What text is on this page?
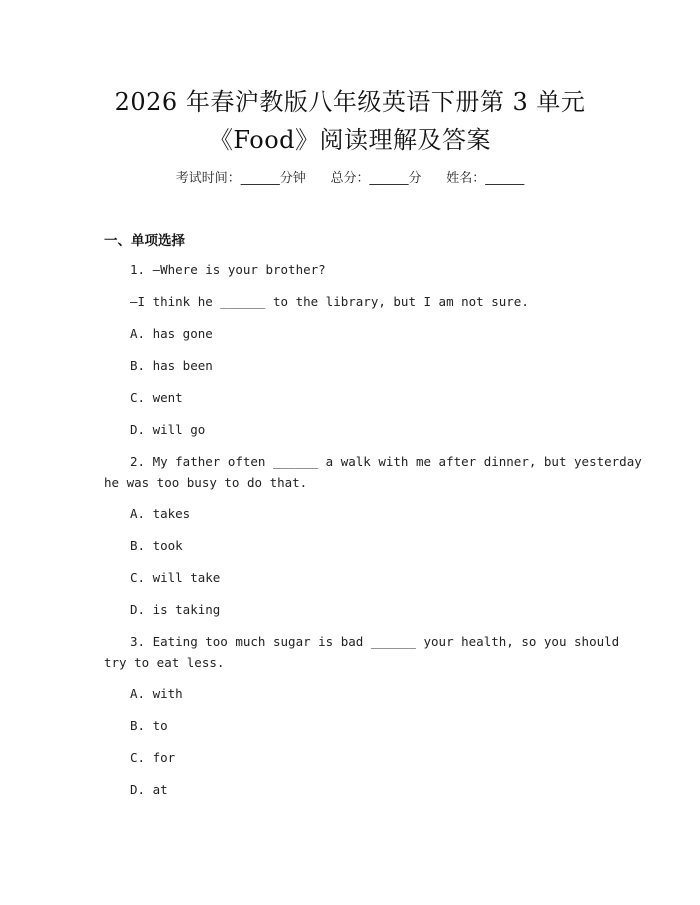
2026 年春沪教版八年级英语下册第 3 单元
《Food》阅读理解及答案
考试时间：______分钟      总分：______分      姓名：______
一、单项选择
1. —Where is your brother?
—I think he ______ to the library, but I am not sure.
A. has gone
B. has been
C. went
D. will go
2. My father often ______ a walk with me after dinner, but yesterday
he was too busy to do that.
A. takes
B. took
C. will take
D. is taking
3. Eating too much sugar is bad ______ your health, so you should
try to eat less.
A. with
B. to
C. for
D. at
